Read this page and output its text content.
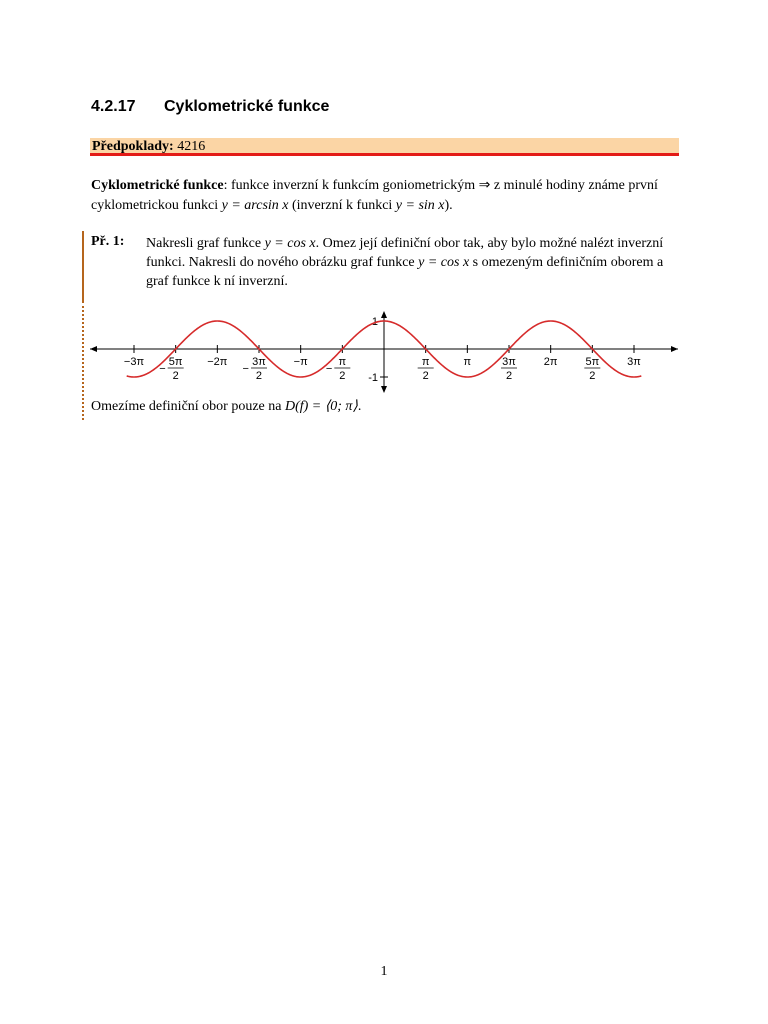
4.2.17 Cyklometrické funkce
Předpoklady: 4216
Cyklometrické funkce: funkce inverzní k funkcím goniometrickým ⇒ z minulé hodiny známe první cyklometrickou funkci y = arcsin x (inverzní k funkci y = sin x).
Př. 1: Nakresli graf funkce y = cos x. Omez její definiční obor tak, aby bylo možné nalézt inverzní funkci. Nakresli do nového obrázku graf funkce y = cos x s omezeným definičním oborem a graf funkce k ní inverzní.
−3π 5π
2
−
−2π 3π
2
−
−π	π
2
−
π
2
π	3π
2
2π	5π
2
3π
1
-1
Omezíme definiční obor pouze na D(f) = ⟨0; π⟩.
1
